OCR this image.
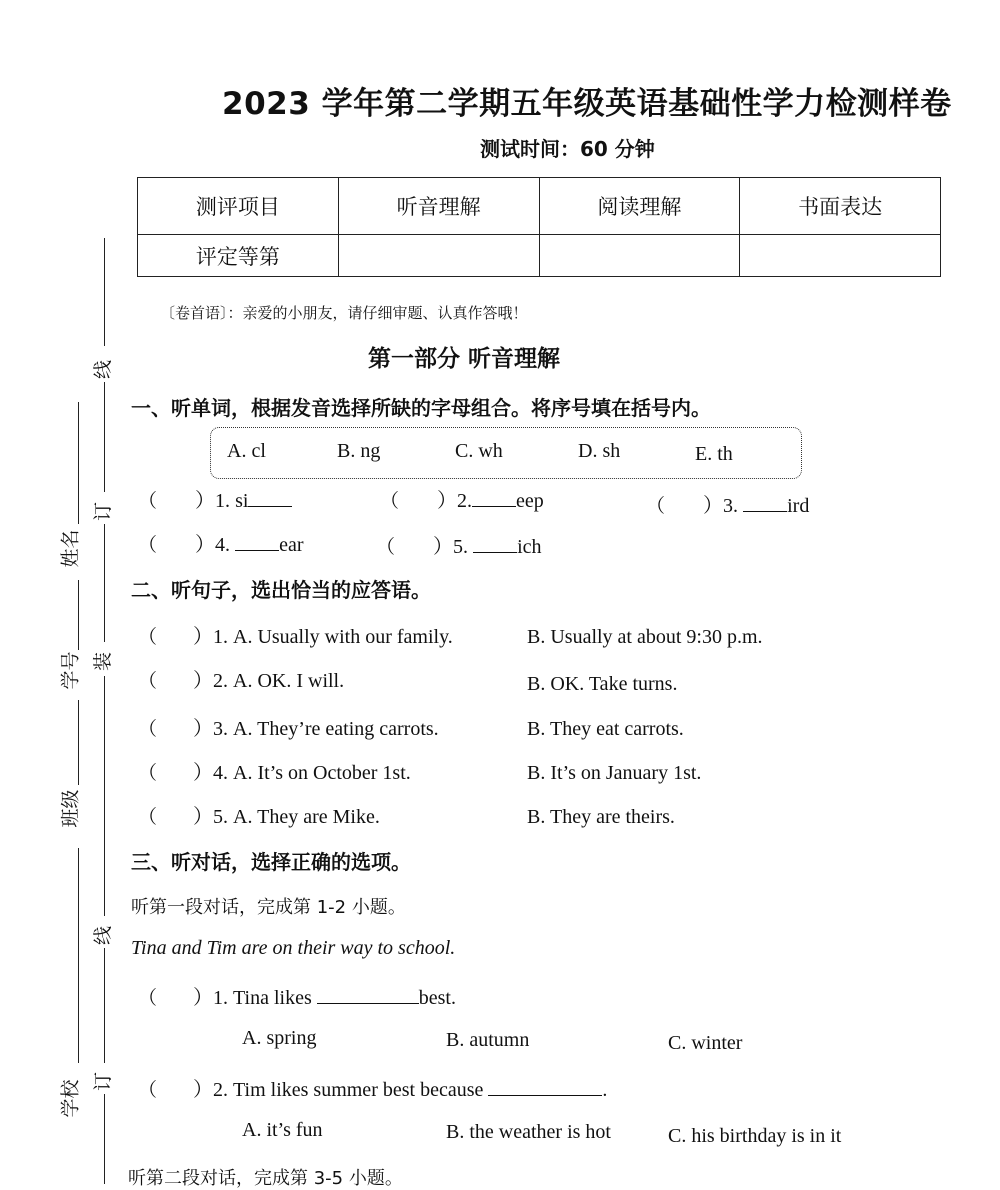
线
订
装
线
订
姓名
学号
班级
学校
2023 学年第二学期五年级英语基础性学力检测样卷
测试时间：60 分钟
测评项目	听音理解	阅读理解	书面表达
评定等第			
〔卷首语〕：亲爱的小朋友，请仔细审题、认真作答哦！
第一部分 听音理解
一、听单词，根据发音选择所缺的字母组合。将序号填在括号内。
A. cl	B. ng	C. wh	D. sh	E. th
（ ）1. si	（ ）2. eep	（ ）3. ird
（ ）4. ear	（ ）5. ich
二、听句子，选出恰当的应答语。
（ ）1. A. Usually with our family.	B. Usually at about 9:30 p.m.
（ ）2. A. OK. I will.	B. OK. Take turns.
（ ）3. A. They’re eating carrots.	B. They eat carrots.
（ ）4. A. It’s on October 1st.	B. It’s on January 1st.
（ ）5. A. They are Mike.	B. They are theirs.
三、听对话，选择正确的选项。
听第一段对话，完成第 1-2 小题。
Tina and Tim are on their way to school.
（ ）1. Tina likes	best.
A. spring	B. autumn	C. winter
（ ）2. Tim likes summer best because	.
A. it’s fun	B. the weather is hot	C. his birthday is in it
听第二段对话，完成第 3-5 小题。
